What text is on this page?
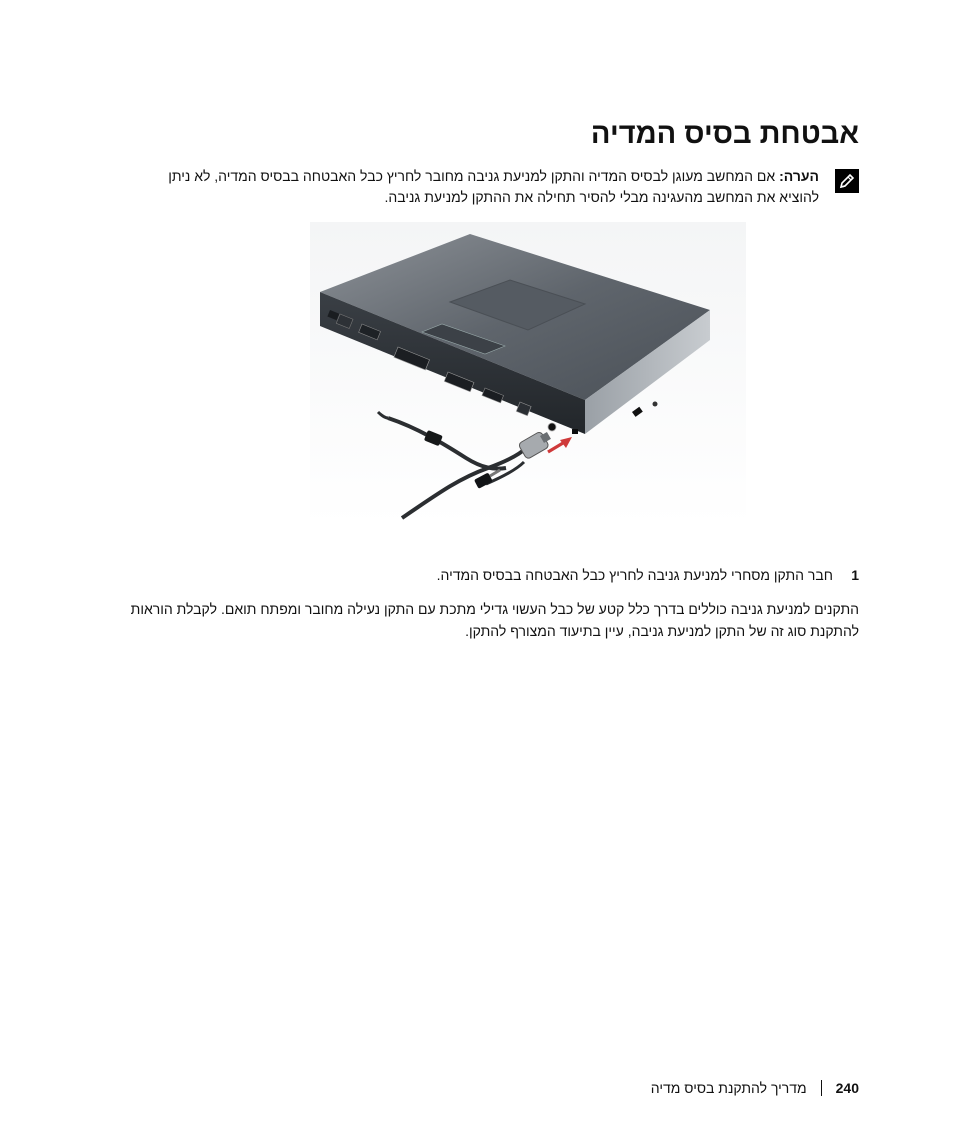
אבטחת בסיס המדיה
הערה: אם המחשב מעוגן לבסיס המדיה והתקן למניעת גניבה מחובר לחריץ כבל האבטחה בבסיס המדיה, לא ניתן להוציא את המחשב מהעגינה מבלי להסיר תחילה את ההתקן למניעת גניבה.
1חבר התקן מסחרי למניעת גניבה לחריץ כבל האבטחה בבסיס המדיה.

התקנים למניעת גניבה כוללים בדרך כלל קטע של כבל העשוי גדילי מתכת עם התקן נעילה מחובר ומפתח תואם. לקבלת הוראות להתקנת סוג זה של התקן למניעת גניבה, עיין בתיעוד המצורף להתקן.

240
מדריך להתקנת בסיס מדיה
